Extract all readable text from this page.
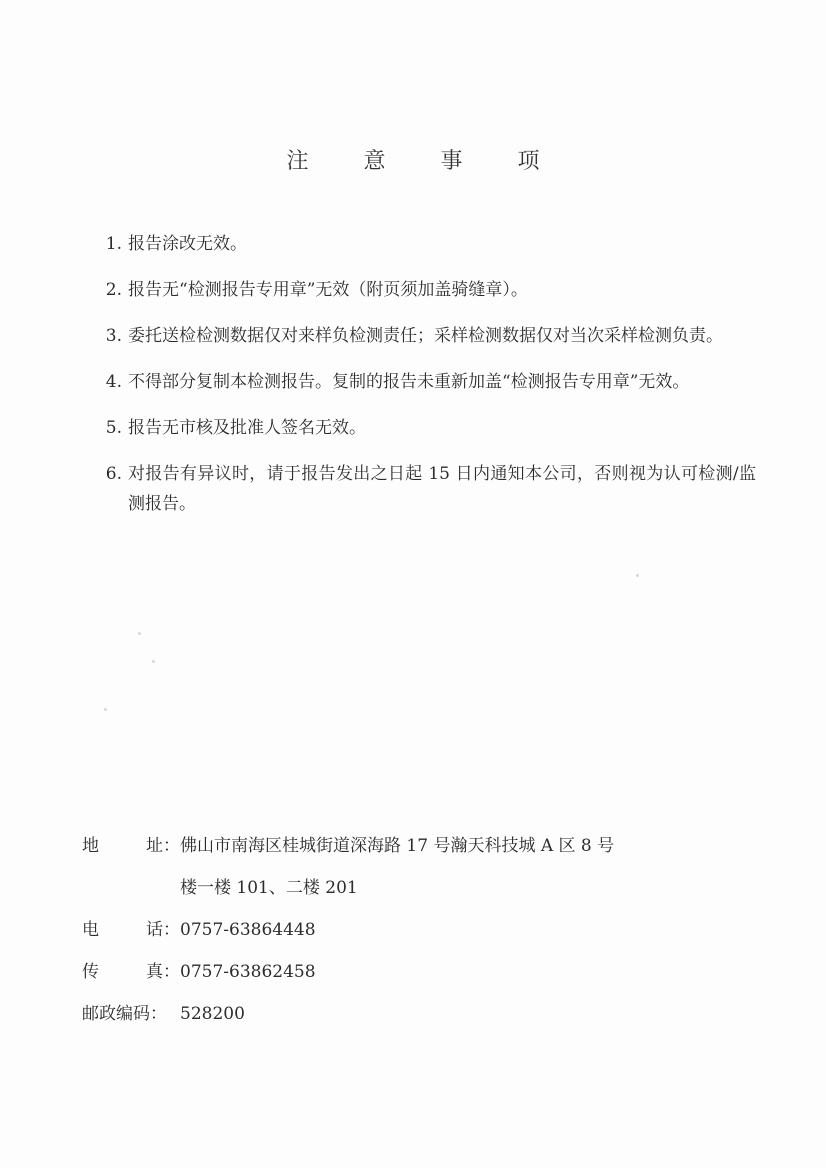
注 意 事 项
1. 报告涂改无效。
2. 报告无“检测报告专用章”无效（附页须加盖骑缝章）。
3. 委托送检检测数据仅对来样负检测责任；采样检测数据仅对当次采样检测负责。
4. 不得部分复制本检测报告。复制的报告未重新加盖“检测报告专用章”无效。
5. 报告无市核及批准人签名无效。
6. 对报告有异议时，请于报告发出之日起 15 日内通知本公司，否则视为认可检测/监测报告。
地	址： 佛山市南海区桂城街道深海路 17 号瀚天科技城 A 区 8 号
楼一楼 101、二楼 201
电	话： 0757-63864448
传	真： 0757-63862458
邮政编码： 528200
